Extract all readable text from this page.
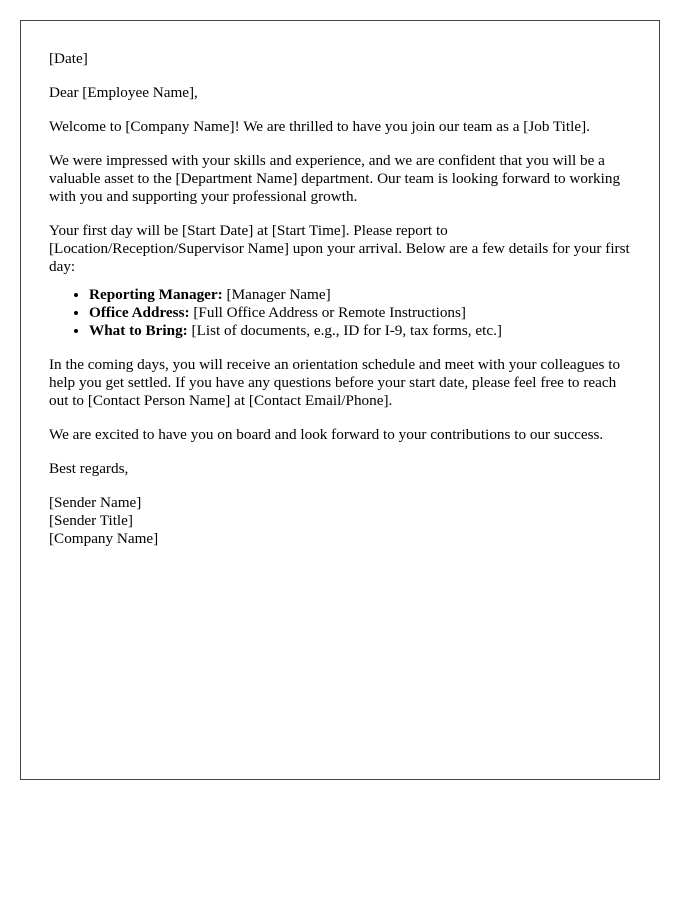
[Date]

Dear [Employee Name],

Welcome to [Company Name]! We are thrilled to have you join our team as a [Job Title].

We were impressed with your skills and experience, and we are confident that you will be a valuable asset to the [Department Name] department. Our team is looking forward to working with you and supporting your professional growth.

Your first day will be [Start Date] at [Start Time]. Please report to [Location/Reception/Supervisor Name] upon your arrival. Below are a few details for your first day:

• Reporting Manager: [Manager Name]
• Office Address: [Full Office Address or Remote Instructions]
• What to Bring: [List of documents, e.g., ID for I-9, tax forms, etc.]

In the coming days, you will receive an orientation schedule and meet with your colleagues to help you get settled. If you have any questions before your start date, please feel free to reach out to [Contact Person Name] at [Contact Email/Phone].

We are excited to have you on board and look forward to your contributions to our success.

Best regards,

[Sender Name]
[Sender Title]
[Company Name]
